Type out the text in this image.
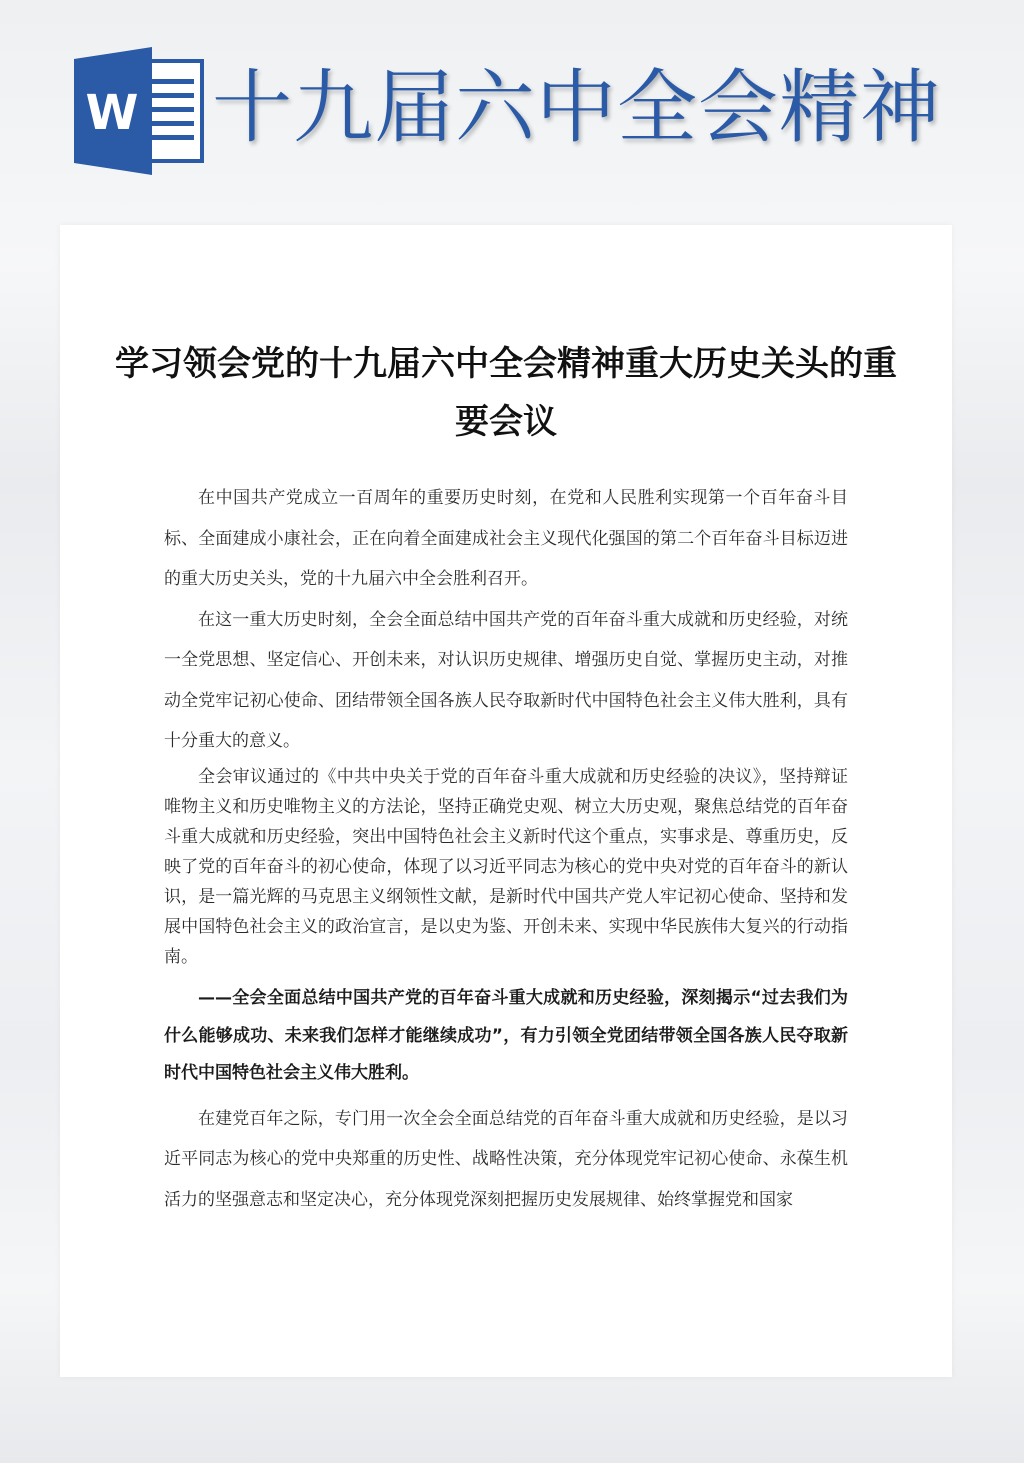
W 十九届六中全会精神
学习领会党的十九届六中全会精神重大历史关头的重要会议

在中国共产党成立一百周年的重要历史时刻，在党和人民胜利实现第一个百年奋斗目标、全面建成小康社会，正在向着全面建成社会主义现代化强国的第二个百年奋斗目标迈进的重大历史关头，党的十九届六中全会胜利召开。

在这一重大历史时刻，全会全面总结中国共产党的百年奋斗重大成就和历史经验，对统一全党思想、坚定信心、开创未来，对认识历史规律、增强历史自觉、掌握历史主动，对推动全党牢记初心使命、团结带领全国各族人民夺取新时代中国特色社会主义伟大胜利，具有十分重大的意义。

全会审议通过的《中共中央关于党的百年奋斗重大成就和历史经验的决议》，坚持辩证唯物主义和历史唯物主义的方法论，坚持正确党史观、树立大历史观，聚焦总结党的百年奋斗重大成就和历史经验，突出中国特色社会主义新时代这个重点，实事求是、尊重历史，反映了党的百年奋斗的初心使命，体现了以习近平同志为核心的党中央对党的百年奋斗的新认识，是一篇光辉的马克思主义纲领性文献，是新时代中国共产党人牢记初心使命、坚持和发展中国特色社会主义的政治宣言，是以史为鉴、开创未来、实现中华民族伟大复兴的行动指南。

——全会全面总结中国共产党的百年奋斗重大成就和历史经验，深刻揭示“过去我们为什么能够成功、未来我们怎样才能继续成功”，有力引领全党团结带领全国各族人民夺取新时代中国特色社会主义伟大胜利。

在建党百年之际，专门用一次全会全面总结党的百年奋斗重大成就和历史经验，是以习近平同志为核心的党中央郑重的历史性、战略性决策，充分体现党牢记初心使命、永葆生机活力的坚强意志和坚定决心，充分体现党深刻把握历史发展规律、始终掌握党和国家
